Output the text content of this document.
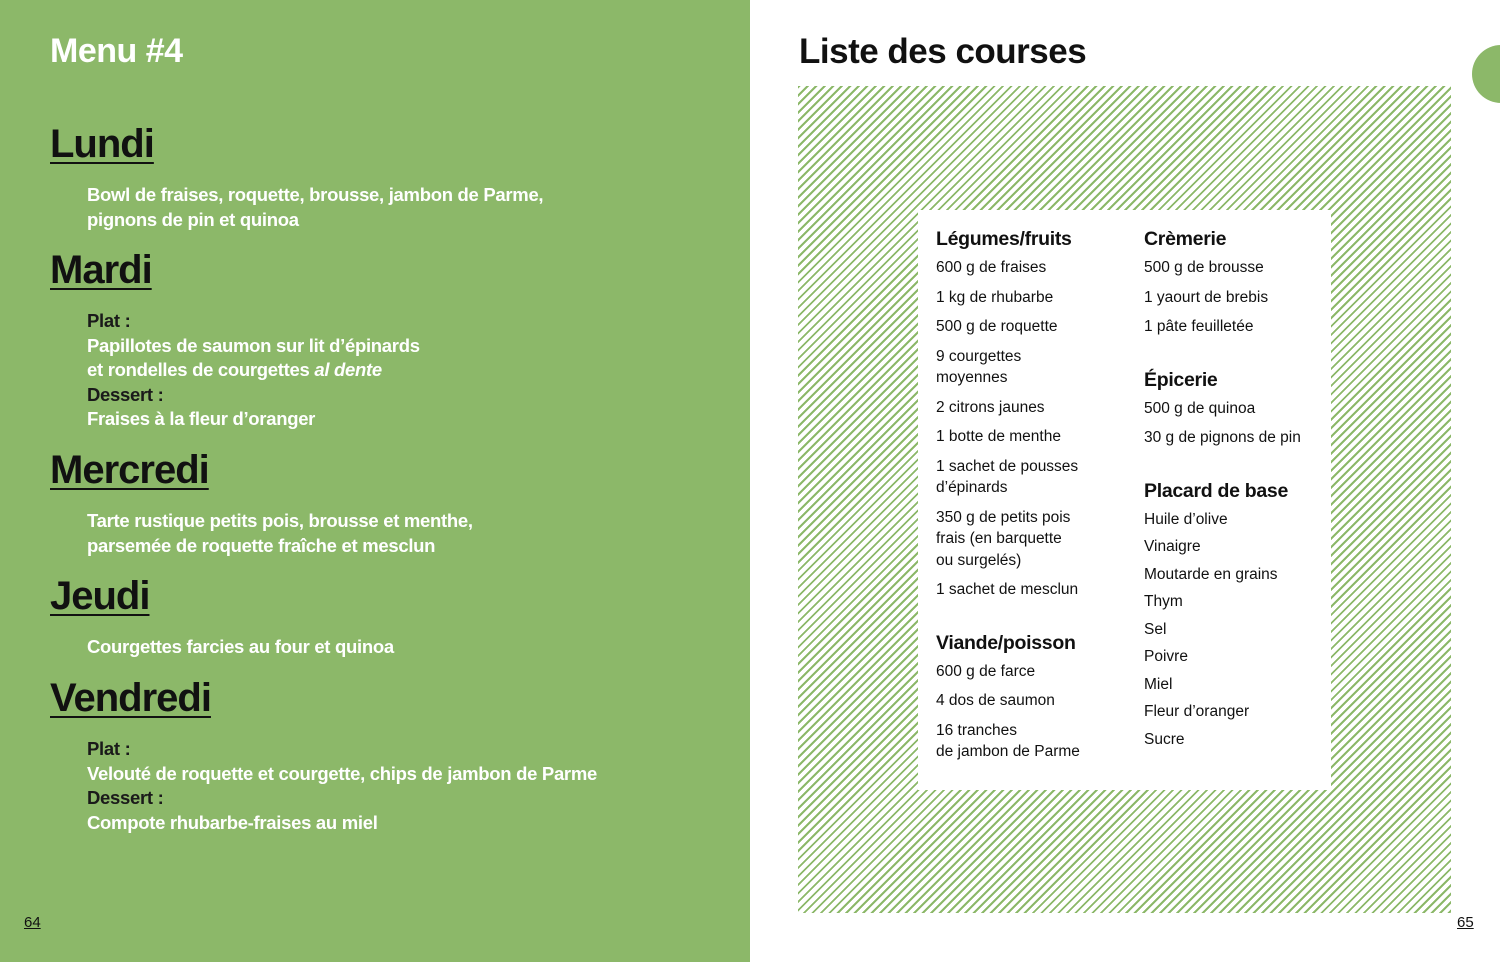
Menu #4
Lundi
Bowl de fraises, roquette, brousse, jambon de Parme,
pignons de pin et quinoa
Mardi
Plat :
Papillotes de saumon sur lit d’épinards
et rondelles de courgettes al dente
Dessert :
Fraises à la fleur d’oranger
Mercredi
Tarte rustique petits pois, brousse et menthe,
parsemée de roquette fraîche et mesclun
Jeudi
Courgettes farcies au four et quinoa
Vendredi
Plat :
Velouté de roquette et courgette, chips de jambon de Parme
Dessert :
Compote rhubarbe-fraises au miel
64
Liste des courses
Légumes/fruits
600 g de fraises
1 kg de rhubarbe
500 g de roquette
9 courgettes
moyennes
2 citrons jaunes
1 botte de menthe
1 sachet de pousses
d’épinards
350 g de petits pois
frais (en barquette
ou surgelés)
1 sachet de mesclun
Viande/poisson
600 g de farce
4 dos de saumon
16 tranches
de jambon de Parme
Crèmerie
500 g de brousse
1 yaourt de brebis
1 pâte feuilletée
Épicerie
500 g de quinoa
30 g de pignons de pin
Placard de base
Huile d’olive
Vinaigre
Moutarde en grains
Thym
Sel
Poivre
Miel
Fleur d’oranger
Sucre
65
